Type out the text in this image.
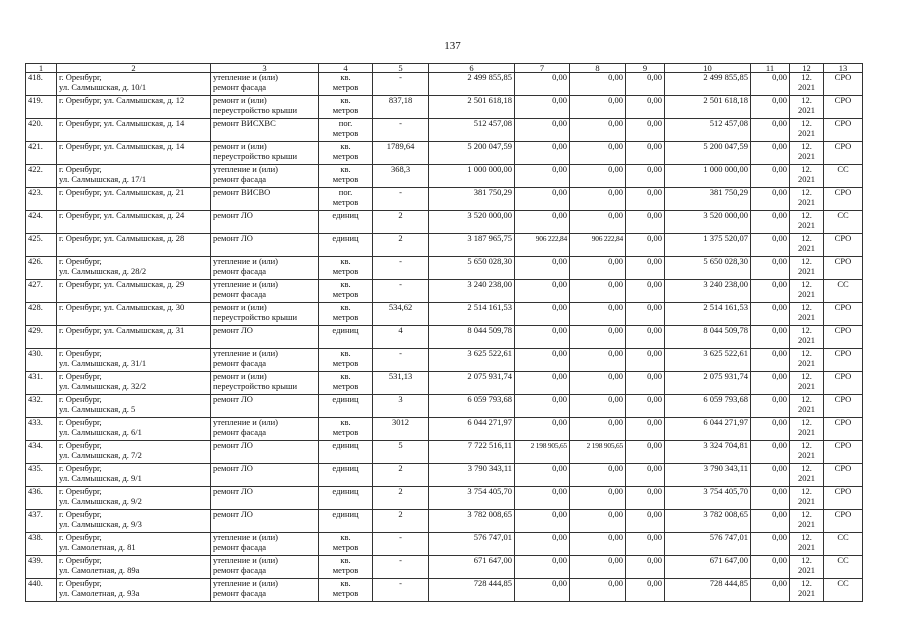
137
1	2	3	4	5	6	7	8	9	10	11	12	13
418.	г. Оренбург,
ул. Салмышская, д. 10/1	утепление и (или)
ремонт фасада	кв.
метров	-	2 499 855,85	0,00	0,00	0,00	2 499 855,85	0,00	12.
2021	СРО
419.	г. Оренбург, ул. Салмышская, д. 12	ремонт и (или)
переустройство крыши	кв.
метров	837,18	2 501 618,18	0,00	0,00	0,00	2 501 618,18	0,00	12.
2021	СРО
420.	г. Оренбург, ул. Салмышская, д. 14	ремонт ВИСХВС	пог.
метров	-	512 457,08	0,00	0,00	0,00	512 457,08	0,00	12.
2021	СРО
421.	г. Оренбург, ул. Салмышская, д. 14	ремонт и (или)
переустройство крыши	кв.
метров	1789,64	5 200 047,59	0,00	0,00	0,00	5 200 047,59	0,00	12.
2021	СРО
422.	г. Оренбург,
ул. Салмышская, д. 17/1	утепление и (или)
ремонт фасада	кв.
метров	368,3	1 000 000,00	0,00	0,00	0,00	1 000 000,00	0,00	12.
2021	СС
423.	г. Оренбург, ул. Салмышская, д. 21	ремонт ВИСВО	пог.
метров	-	381 750,29	0,00	0,00	0,00	381 750,29	0,00	12.
2021	СРО
424.	г. Оренбург, ул. Салмышская, д. 24	ремонт ЛО	единиц	2	3 520 000,00	0,00	0,00	0,00	3 520 000,00	0,00	12.
2021	СС
425.	г. Оренбург, ул. Салмышская, д. 28	ремонт ЛО	единиц	2	3 187 965,75	906 222,84	906 222,84	0,00	1 375 520,07	0,00	12.
2021	СРО
426.	г. Оренбург,
ул. Салмышская, д. 28/2	утепление и (или)
ремонт фасада	кв.
метров	-	5 650 028,30	0,00	0,00	0,00	5 650 028,30	0,00	12.
2021	СРО
427.	г. Оренбург, ул. Салмышская, д. 29	утепление и (или)
ремонт фасада	кв.
метров	-	3 240 238,00	0,00	0,00	0,00	3 240 238,00	0,00	12.
2021	СС
428.	г. Оренбург, ул. Салмышская, д. 30	ремонт и (или)
переустройство крыши	кв.
метров	534,62	2 514 161,53	0,00	0,00	0,00	2 514 161,53	0,00	12.
2021	СРО
429.	г. Оренбург, ул. Салмышская, д. 31	ремонт ЛО	единиц	4	8 044 509,78	0,00	0,00	0,00	8 044 509,78	0,00	12.
2021	СРО
430.	г. Оренбург,
ул. Салмышская, д. 31/1	утепление и (или)
ремонт фасада	кв.
метров	-	3 625 522,61	0,00	0,00	0,00	3 625 522,61	0,00	12.
2021	СРО
431.	г. Оренбург,
ул. Салмышская, д. 32/2	ремонт и (или)
переустройство крыши	кв.
метров	531,13	2 075 931,74	0,00	0,00	0,00	2 075 931,74	0,00	12.
2021	СРО
432.	г. Оренбург,
ул. Салмышская, д. 5	ремонт ЛО	единиц	3	6 059 793,68	0,00	0,00	0,00	6 059 793,68	0,00	12.
2021	СРО
433.	г. Оренбург,
ул. Салмышская, д. 6/1	утепление и (или)
ремонт фасада	кв.
метров	3012	6 044 271,97	0,00	0,00	0,00	6 044 271,97	0,00	12.
2021	СРО
434.	г. Оренбург,
ул. Салмышская, д. 7/2	ремонт ЛО	единиц	5	7 722 516,11	2 198 905,65	2 198 905,65	0,00	3 324 704,81	0,00	12.
2021	СРО
435.	г. Оренбург,
ул. Салмышская, д. 9/1	ремонт ЛО	единиц	2	3 790 343,11	0,00	0,00	0,00	3 790 343,11	0,00	12.
2021	СРО
436.	г. Оренбург,
ул. Салмышская, д. 9/2	ремонт ЛО	единиц	2	3 754 405,70	0,00	0,00	0,00	3 754 405,70	0,00	12.
2021	СРО
437.	г. Оренбург,
ул. Салмышская, д. 9/3	ремонт ЛО	единиц	2	3 782 008,65	0,00	0,00	0,00	3 782 008,65	0,00	12.
2021	СРО
438.	г. Оренбург,
ул. Самолетная, д. 81	утепление и (или)
ремонт фасада	кв.
метров	-	576 747,01	0,00	0,00	0,00	576 747,01	0,00	12.
2021	СС
439.	г. Оренбург,
ул. Самолетная, д. 89а	утепление и (или)
ремонт фасада	кв.
метров	-	671 647,00	0,00	0,00	0,00	671 647,00	0,00	12.
2021	СС
440.	г. Оренбург,
ул. Самолетная, д. 93а	утепление и (или)
ремонт фасада	кв.
метров	-	728 444,85	0,00	0,00	0,00	728 444,85	0,00	12.
2021	СС
